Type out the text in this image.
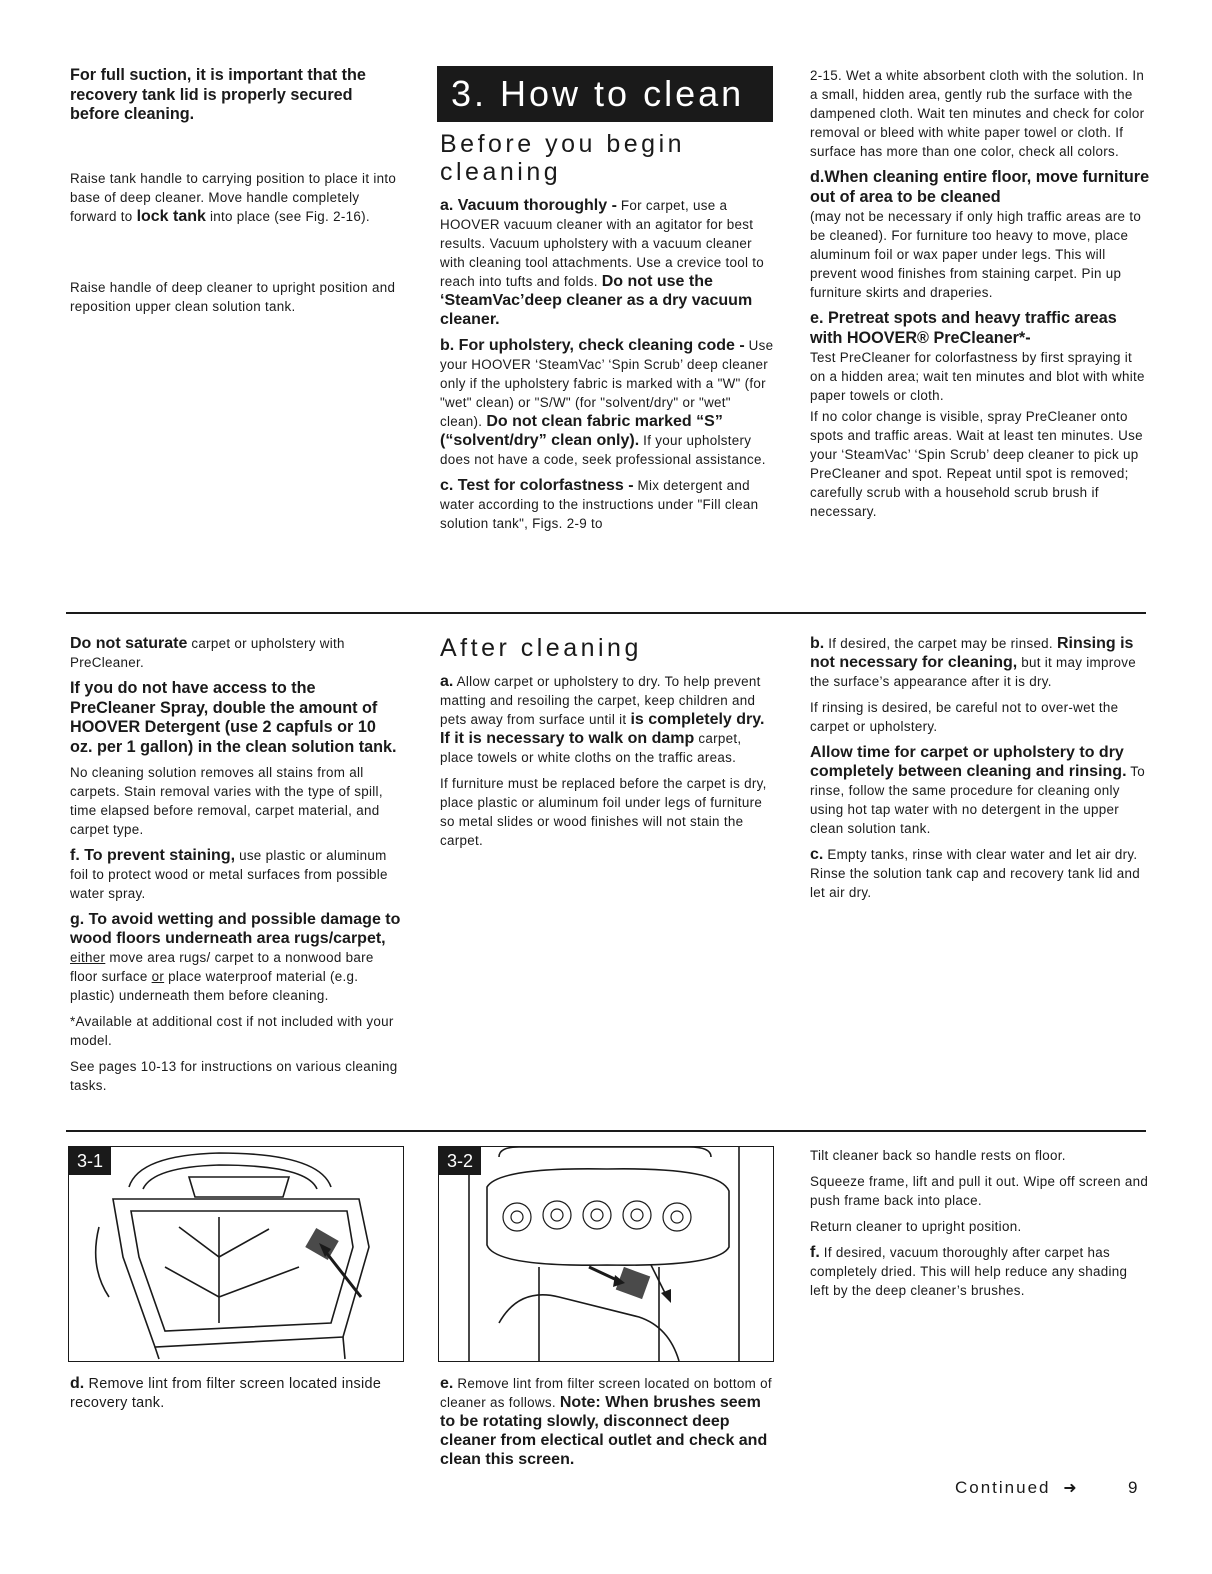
3. How to clean

For full suction, it is important that the recovery tank lid is properly secured before cleaning.

Raise tank handle to carrying position to place it into base of deep cleaner. Move handle completely forward to lock tank into place (see Fig. 2-16).

Raise handle of deep cleaner to upright position and reposition upper clean solution tank.

Before you begin
cleaning

a. Vacuum thoroughly - For carpet, use a HOOVER vacuum cleaner with an agitator for best results. Vacuum upholstery with a vacuum cleaner with cleaning tool attachments. Use a crevice tool to reach into tufts and folds. Do not use the ‘SteamVac’deep cleaner as a dry vacuum cleaner.

b. For upholstery, check cleaning code - Use your HOOVER ‘SteamVac’ ‘Spin Scrub’ deep cleaner only if the upholstery fabric is marked with a "W" (for "wet" clean) or "S/W" (for "solvent/dry" or "wet" clean). Do not clean fabric marked “S” (“solvent/dry” clean only). If your upholstery does not have a code, seek professional assistance.

c. Test for colorfastness - Mix detergent and water according to the instructions under "Fill clean solution tank", Figs. 2-9 to

2-15. Wet a white absorbent cloth with the solution. In a small, hidden area, gently rub the surface with the dampened cloth. Wait ten minutes and check for color removal or bleed with white paper towel or cloth. If surface has more than one color, check all colors.

d.When cleaning entire floor, move furniture out of area to be cleaned

(may not be necessary if only high traffic areas are to be cleaned). For furniture too heavy to move, place aluminum foil or wax paper under legs. This will prevent wood finishes from staining carpet. Pin up furniture skirts and draperies.

e. Pretreat spots and heavy traffic areas with HOOVER® PreCleaner*-

Test PreCleaner for colorfastness by first spraying it on a hidden area; wait ten minutes and blot with white paper towels or cloth.

If no color change is visible, spray PreCleaner onto spots and traffic areas. Wait at least ten minutes. Use your ‘SteamVac’ ‘Spin Scrub’ deep cleaner to pick up PreCleaner and spot. Repeat until spot is removed; carefully scrub with a household scrub brush if necessary.

Do not saturate carpet or upholstery with PreCleaner.

If you do not have access to the PreCleaner Spray, double the amount of HOOVER Detergent (use 2 capfuls or 10 oz. per 1 gallon) in the clean solution tank.

No cleaning solution removes all stains from all carpets. Stain removal varies with the type of spill, time elapsed before removal, carpet material, and carpet type.

f. To prevent staining, use plastic or aluminum foil to protect wood or metal surfaces from possible water spray.

g. To avoid wetting and possible damage to wood floors underneath area rugs/carpet, either move area rugs/ carpet to a nonwood bare floor surface or place waterproof material (e.g. plastic) underneath them before cleaning.

*Available at additional cost if not included with your model.

See pages 10-13 for instructions on various cleaning tasks.

After cleaning

a. Allow carpet or upholstery to dry. To help prevent matting and resoiling the carpet, keep children and pets away from surface until it is completely dry. If it is necessary to walk on damp carpet, place towels or white cloths on the traffic areas.

If furniture must be replaced before the carpet is dry, place plastic or aluminum foil under legs of furniture so metal slides or wood finishes will not stain the carpet.

b. If desired, the carpet may be rinsed. Rinsing is not necessary for cleaning, but it may improve the surface’s appearance after it is dry.

If rinsing is desired, be careful not to over-wet the carpet or upholstery.

Allow time for carpet or upholstery to dry completely between cleaning and rinsing. To rinse, follow the same procedure for cleaning only using hot tap water with no detergent in the upper clean solution tank.

c. Empty tanks, rinse with clear water and let air dry. Rinse the solution tank cap and recovery tank lid and let air dry.

3-1	3-2

d. Remove lint from filter screen located inside recovery tank.

e. Remove lint from filter screen located on bottom of cleaner as follows. Note: When brushes seem to be rotating slowly, disconnect deep cleaner from electical outlet and check and clean this screen.

Tilt cleaner back so handle rests on floor.

Squeeze frame, lift and pull it out. Wipe off screen and push frame back into place.

Return cleaner to upright position.

f. If desired, vacuum thoroughly after carpet has completely dried. This will help reduce any shading left by the deep cleaner’s brushes.

Continued ➜	9
